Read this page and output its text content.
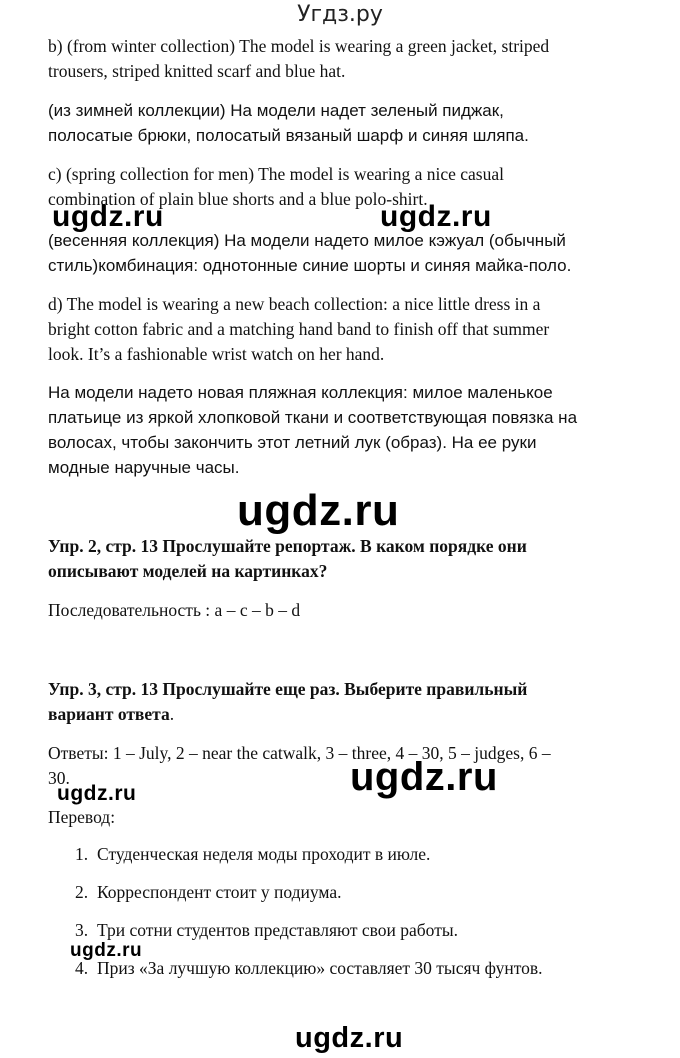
Угдз.ру
b) (from winter collection) The model is wearing a green jacket, striped
trousers, striped knitted scarf and blue hat.
(из зимней коллекции) На модели надет зеленый пиджак,
полосатые брюки, полосатый вязаный шарф и синяя шляпа.
c) (spring collection for men) The model is wearing a nice casual
combination of plain blue shorts and a blue polo-shirt.
(весенняя коллекция) На модели надето милое кэжуал (обычный
стиль)комбинация: однотонные синие шорты и синяя майка-поло.
d) The model is wearing a new beach collection: a nice little dress in a
bright cotton fabric and a matching hand band to finish off that summer
look. It’s a fashionable wrist watch on her hand.
На модели надето новая пляжная коллекция: милое маленькое
платьице из яркой хлопковой ткани и соответствующая повязка на
волосах, чтобы закончить этот летний лук (образ). На ее руки
модные наручные часы.
Упр. 2, стр. 13 Прослушайте репортаж. В каком порядке они
описывают моделей на картинках?
Последовательность : a – c – b – d
Упр. 3, стр. 13 Прослушайте еще раз. Выберите правильный
вариант ответа.
Ответы: 1 – July, 2 – near the catwalk, 3 – three, 4 – 30, 5 – judges, 6 –
30.
Перевод:
1. Студенческая неделя моды проходит в июле.
2. Корреспондент стоит у подиума.
3. Три сотни студентов представляют свои работы.
4. Приз «За лучшую коллекцию» составляет 30 тысяч фунтов.
ugdz.ru	ugdz.ru
ugdz.ru
ugdz.ru
ugdz.ru
ugdz.ru
ugdz.ru
